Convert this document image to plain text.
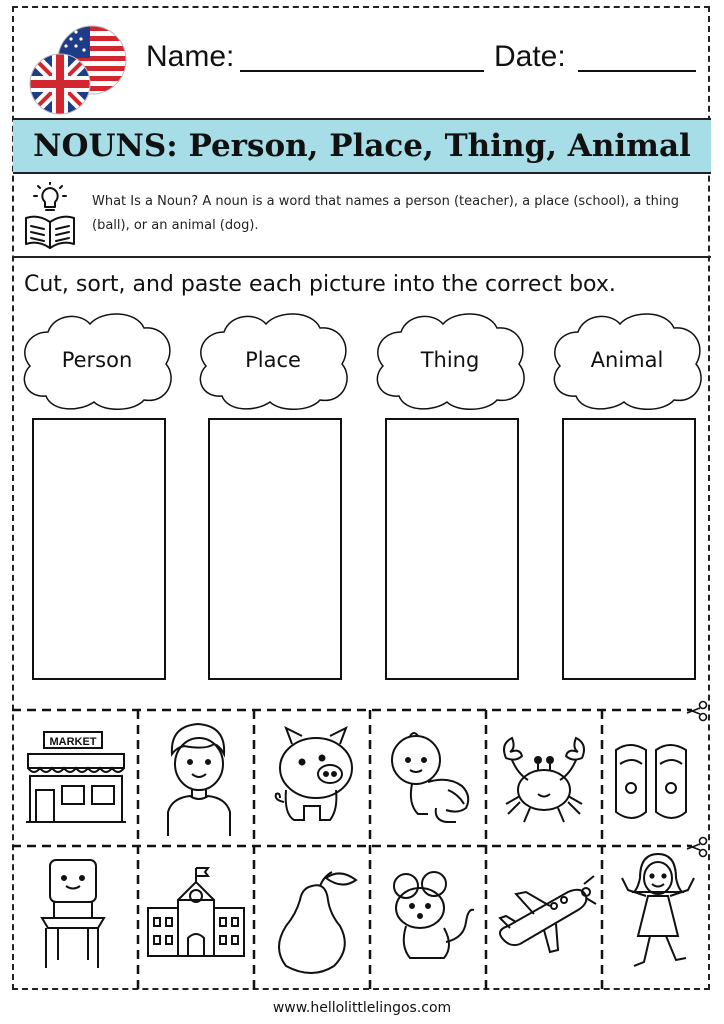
Name:	Date:
NOUNS: Person, Place, Thing, Animal
What Is a Noun? A noun is a word that names a person (teacher), a place (school), a thing (ball), or an animal (dog).
Cut, sort, and paste each picture into the correct box.
Person	Place	Thing	Animal
MARKET
www.hellolittlelingos.com
